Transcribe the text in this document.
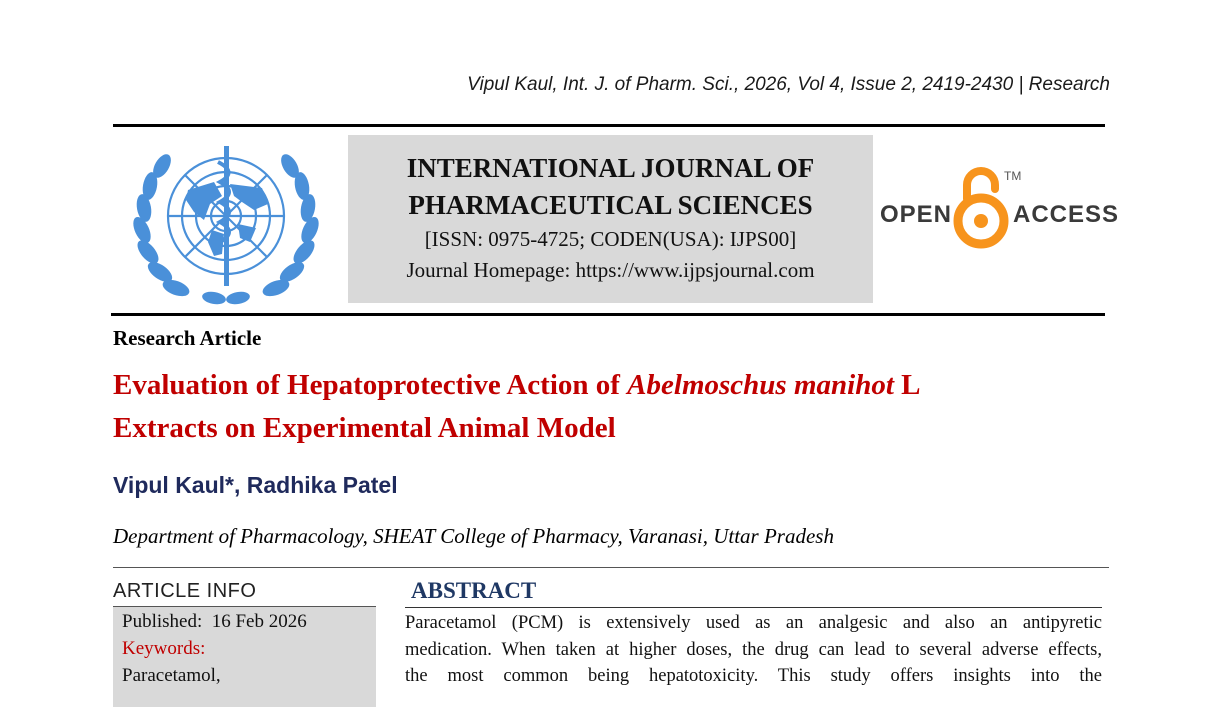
Vipul Kaul, Int. J. of Pharm. Sci., 2026, Vol 4, Issue 2, 2419-2430 | Research
INTERNATIONAL JOURNAL OF
PHARMACEUTICAL SCIENCES
[ISSN: 0975-4725; CODEN(USA): IJPS00]
Journal Homepage: https://www.ijpsjournal.com
OPEN
TM
ACCESS
Research Article
Evaluation of Hepatoprotective Action of Abelmoschus manihot L
Extracts on Experimental Animal Model
Vipul Kaul*, Radhika Patel
Department of Pharmacology, SHEAT College of Pharmacy, Varanasi, Uttar Pradesh
ARTICLE INFO
Published: 16 Feb 2026
Keywords:
Paracetamol,
ABSTRACT
Paracetamol (PCM) is extensively used as an analgesic and also an antipyretic
medication. When taken at higher doses, the drug can lead to several adverse effects,
the most common being hepatotoxicity. This study offers insights into the
